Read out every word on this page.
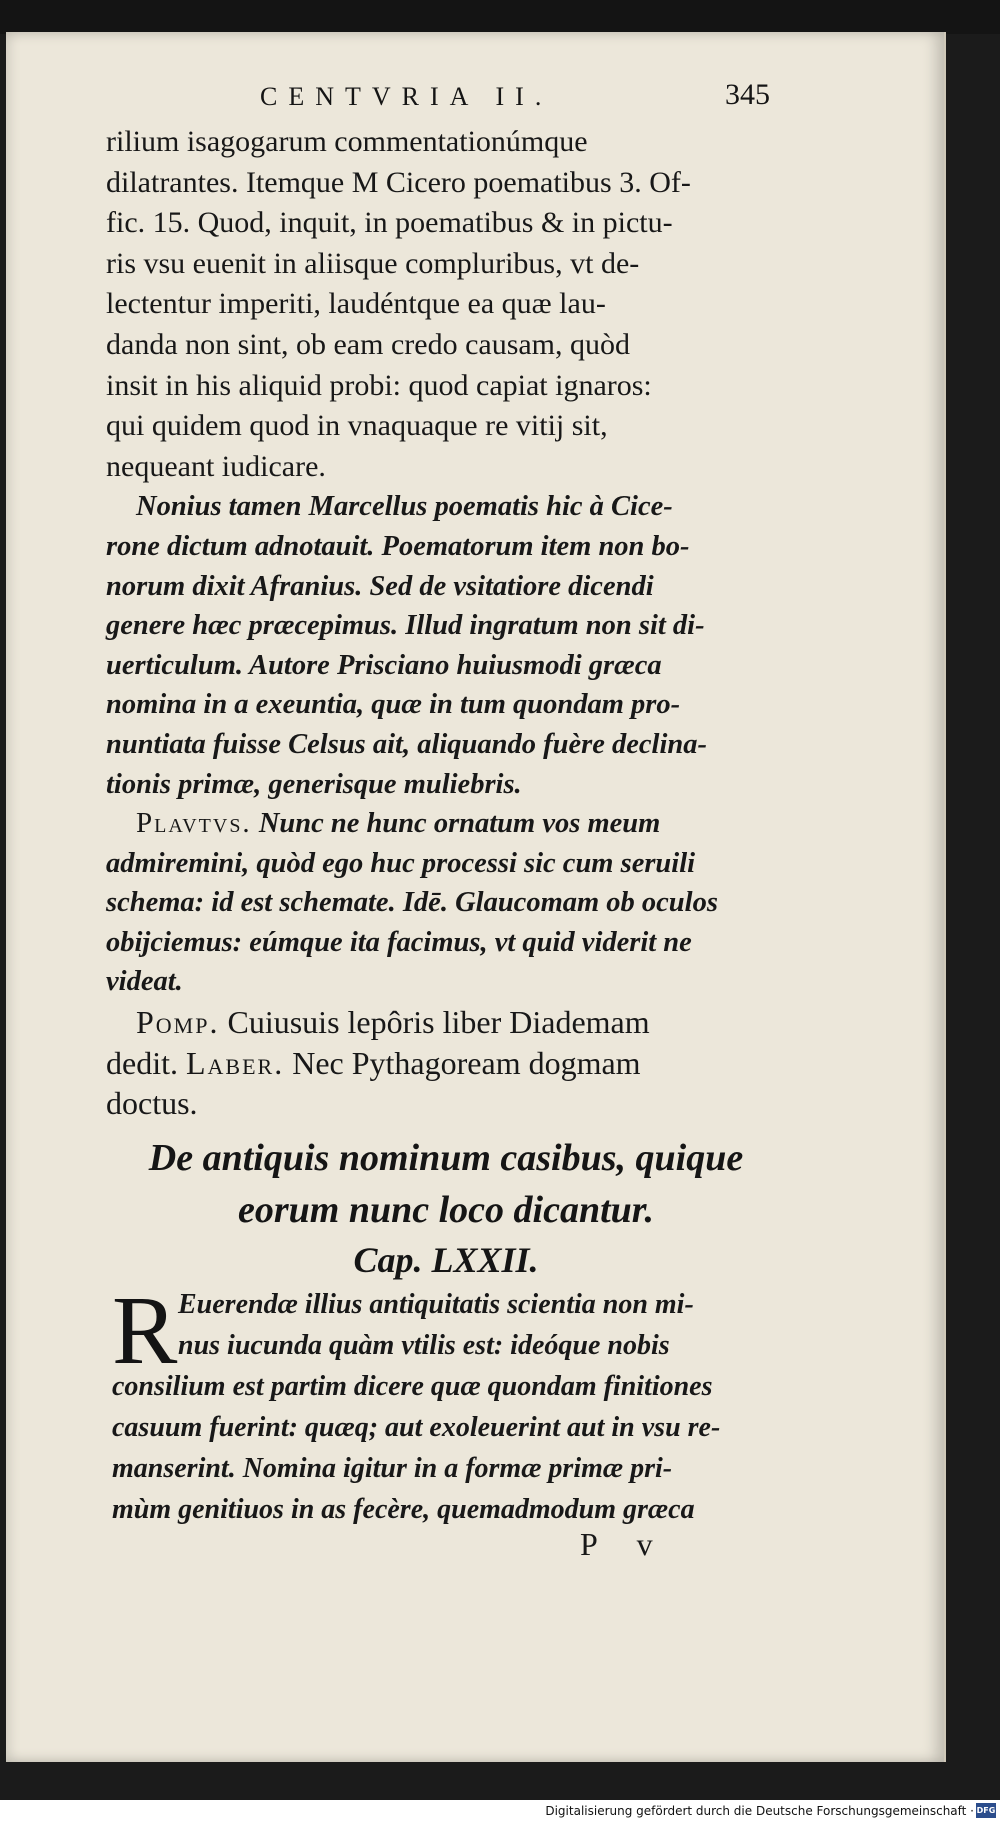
CENTVRIA II.	345
rilium isagogarum commentationúmque
dilatrantes. Itemque M Cicero poematibus 3. Of-
fic. 15. Quod, inquit, in poematibus & in pictu-
ris vsu euenit in aliisque compluribus, vt de-
lectentur imperiti, laudéntque ea quæ lau-
danda non sint, ob eam credo causam, quòd
insit in his aliquid probi: quod capiat ignaros:
qui quidem quod in vnaquaque re vitij sit,
nequeant iudicare.
Nonius tamen Marcellus poematis hic à Cice-
rone dictum adnotauit. Poematorum item non bo-
norum dixit Afranius. Sed de vsitatiore dicendi
genere hæc præcepimus. Illud ingratum non sit di-
uerticulum. Autore Prisciano huiusmodi græca
nomina in a exeuntia, quæ in tum quondam pro-
nuntiata fuisse Celsus ait, aliquando fuère declina-
tionis primæ, generisque muliebris.
Plavtvs. Nunc ne hunc ornatum vos meum
admiremini, quòd ego huc processi sic cum seruili
schema: id est schemate. Idē. Glaucomam ob oculos
obijciemus: eúmque ita facimus, vt quid viderit ne
videat.
Pomp. Cuiusuis lepôris liber Diademam
dedit. Laber. Nec Pythagoream dogmam
doctus.
De antiquis nominum casibus, quique
eorum nunc loco dicantur.
Cap. LXXII.
R Euerendæ illius antiquitatis scientia non mi-
nus iucunda quàm vtilis est: ideóque nobis
consilium est partim dicere quæ quondam finitiones
casuum fuerint: quæq; aut exoleuerint aut in vsu re-
manserint. Nomina igitur in a formæ primæ pri-
mùm genitiuos in as fecère, quemadmodum græca
P v
Digitalisierung gefördert durch die Deutsche Forschungsgemeinschaft · DFG
